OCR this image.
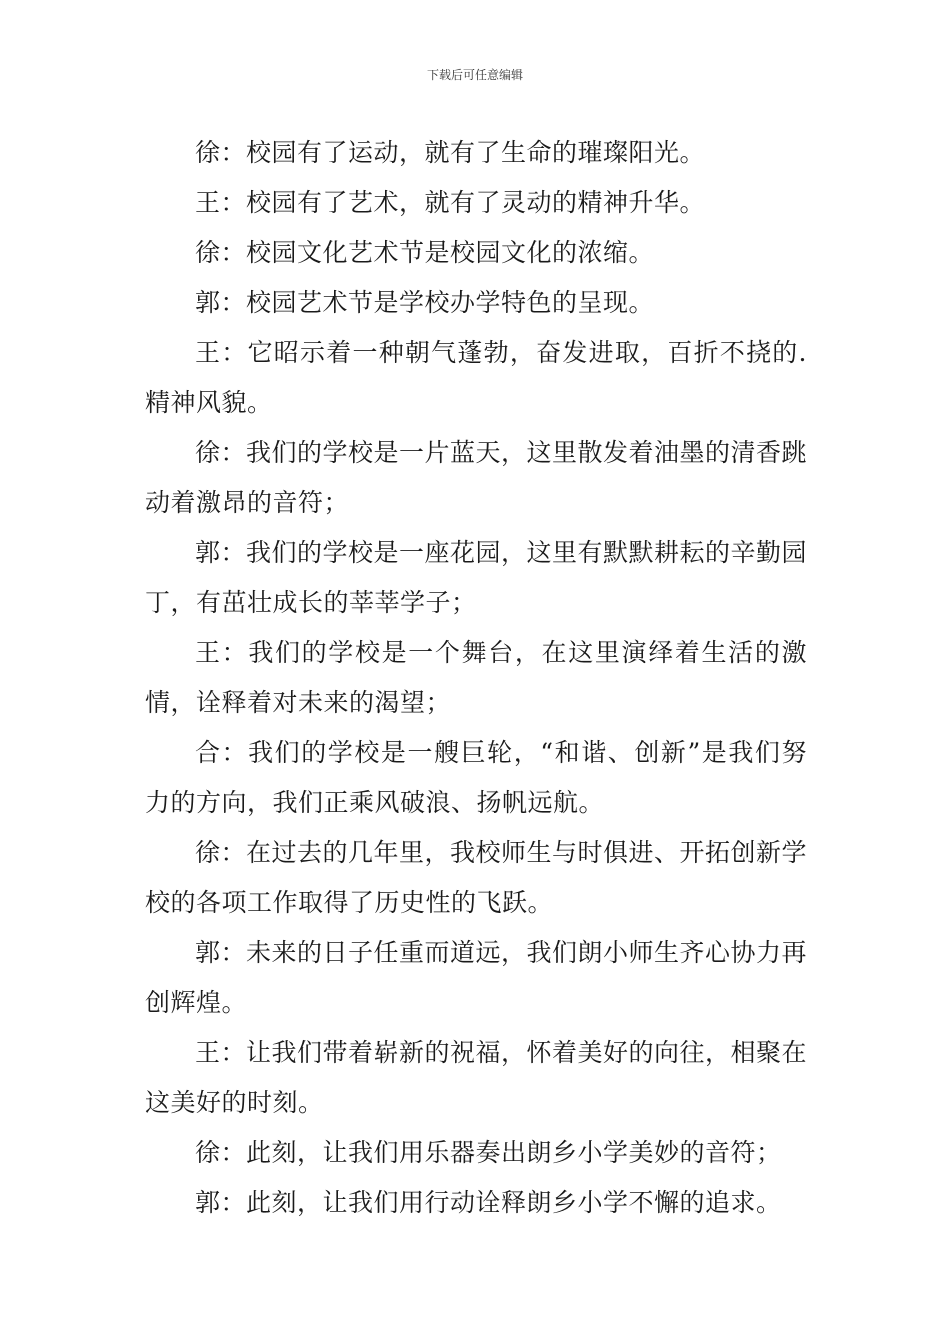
下载后可任意编辑

徐：校园有了运动，就有了生命的璀璨阳光。

王：校园有了艺术，就有了灵动的精神升华。

徐：校园文化艺术节是校园文化的浓缩。

郭：校园艺术节是学校办学特色的呈现。

王：它昭示着一种朝气蓬勃，奋发进取，百折不挠的.精神风貌。

徐：我们的学校是一片蓝天，这里散发着油墨的清香跳动着激昂的音符；

郭：我们的学校是一座花园，这里有默默耕耘的辛勤园丁，有茁壮成长的莘莘学子；

王：我们的学校是一个舞台，在这里演绎着生活的激情，诠释着对未来的渴望；

合：我们的学校是一艘巨轮，“和谐、创新”是我们努力的方向，我们正乘风破浪、扬帆远航。

徐：在过去的几年里，我校师生与时俱进、开拓创新学校的各项工作取得了历史性的飞跃。

郭：未来的日子任重而道远，我们朗小师生齐心协力再创辉煌。

王：让我们带着崭新的祝福，怀着美好的向往，相聚在这美好的时刻。

徐：此刻，让我们用乐器奏出朗乡小学美妙的音符；

郭：此刻，让我们用行动诠释朗乡小学不懈的追求。
